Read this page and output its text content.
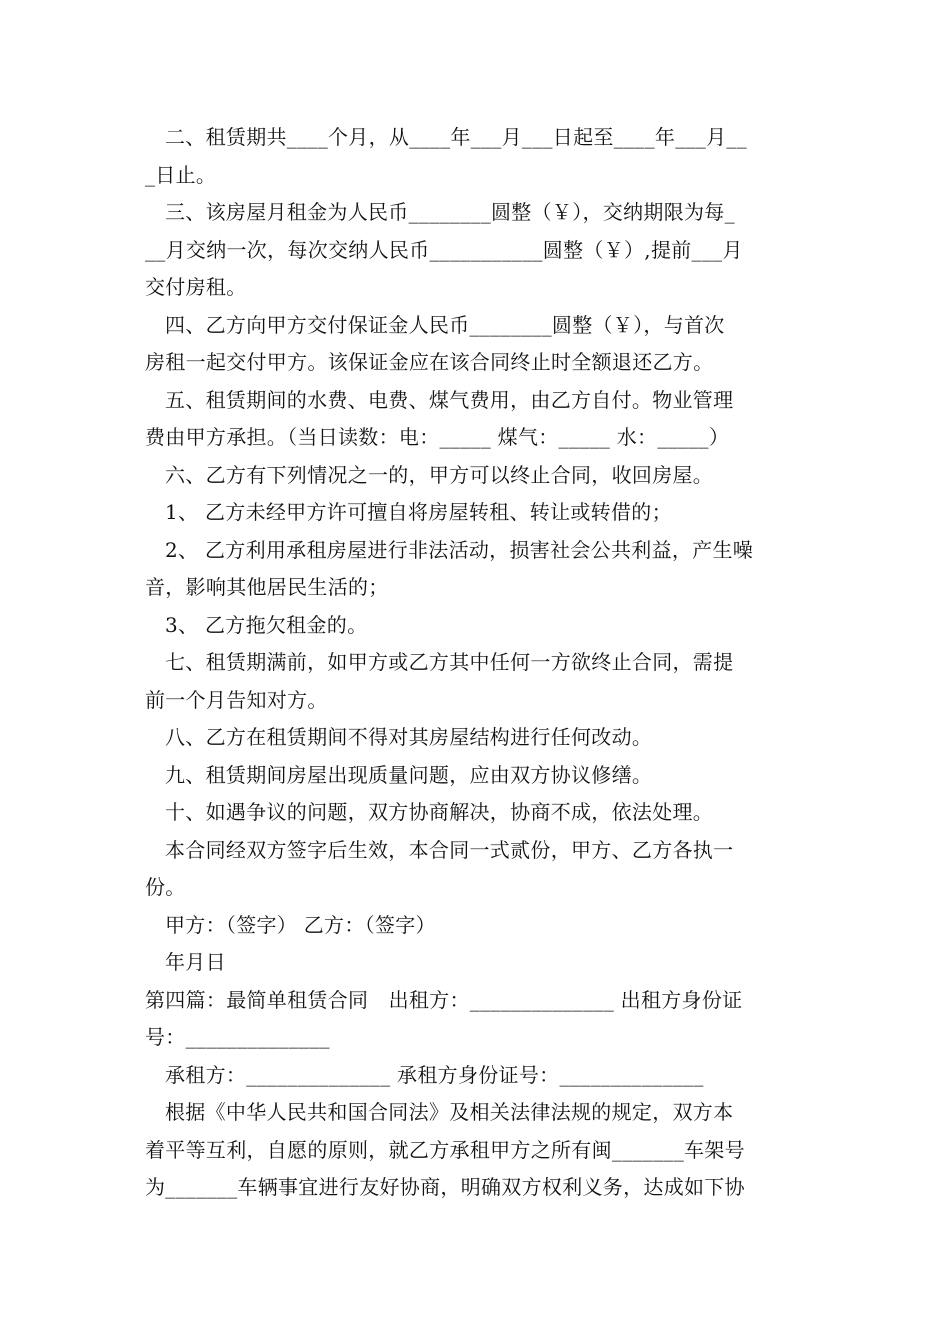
二、租赁期共____个月，从____年___月___日起至____年___月__

_日止。

三、该房屋月租金为人民币________圆整（￥），交纳期限为每_

__月交纳一次，每次交纳人民币___________圆整（￥）,提前___月

交付房租。

四、乙方向甲方交付保证金人民币________圆整（￥），与首次

房租一起交付甲方。该保证金应在该合同终止时全额退还乙方。

五、租赁期间的水费、电费、煤气费用，由乙方自付。物业管理

费由甲方承担。（当日读数：电：_____ 煤气：_____ 水：_____）

六、乙方有下列情况之一的，甲方可以终止合同，收回房屋。

1、 乙方未经甲方许可擅自将房屋转租、转让或转借的；

2、 乙方利用承租房屋进行非法活动，损害社会公共利益，产生噪

音，影响其他居民生活的；

3、 乙方拖欠租金的。

七、租赁期满前，如甲方或乙方其中任何一方欲终止合同，需提

前一个月告知对方。

八、乙方在租赁期间不得对其房屋结构进行任何改动。

九、租赁期间房屋出现质量问题，应由双方协议修缮。

十、如遇争议的问题，双方协商解决，协商不成，依法处理。

本合同经双方签字后生效，本合同一式贰份，甲方、乙方各执一

份。

甲方：（签字） 乙方：（签字）

年月日

第四篇：最简单租赁合同　出租方：______________ 出租方身份证

号：______________

承租方：______________ 承租方身份证号：______________

根据《中华人民共和国合同法》及相关法律法规的规定，双方本

着平等互利，自愿的原则，就乙方承租甲方之所有闽_______车架号

为_______车辆事宜进行友好协商，明确双方权利义务，达成如下协
